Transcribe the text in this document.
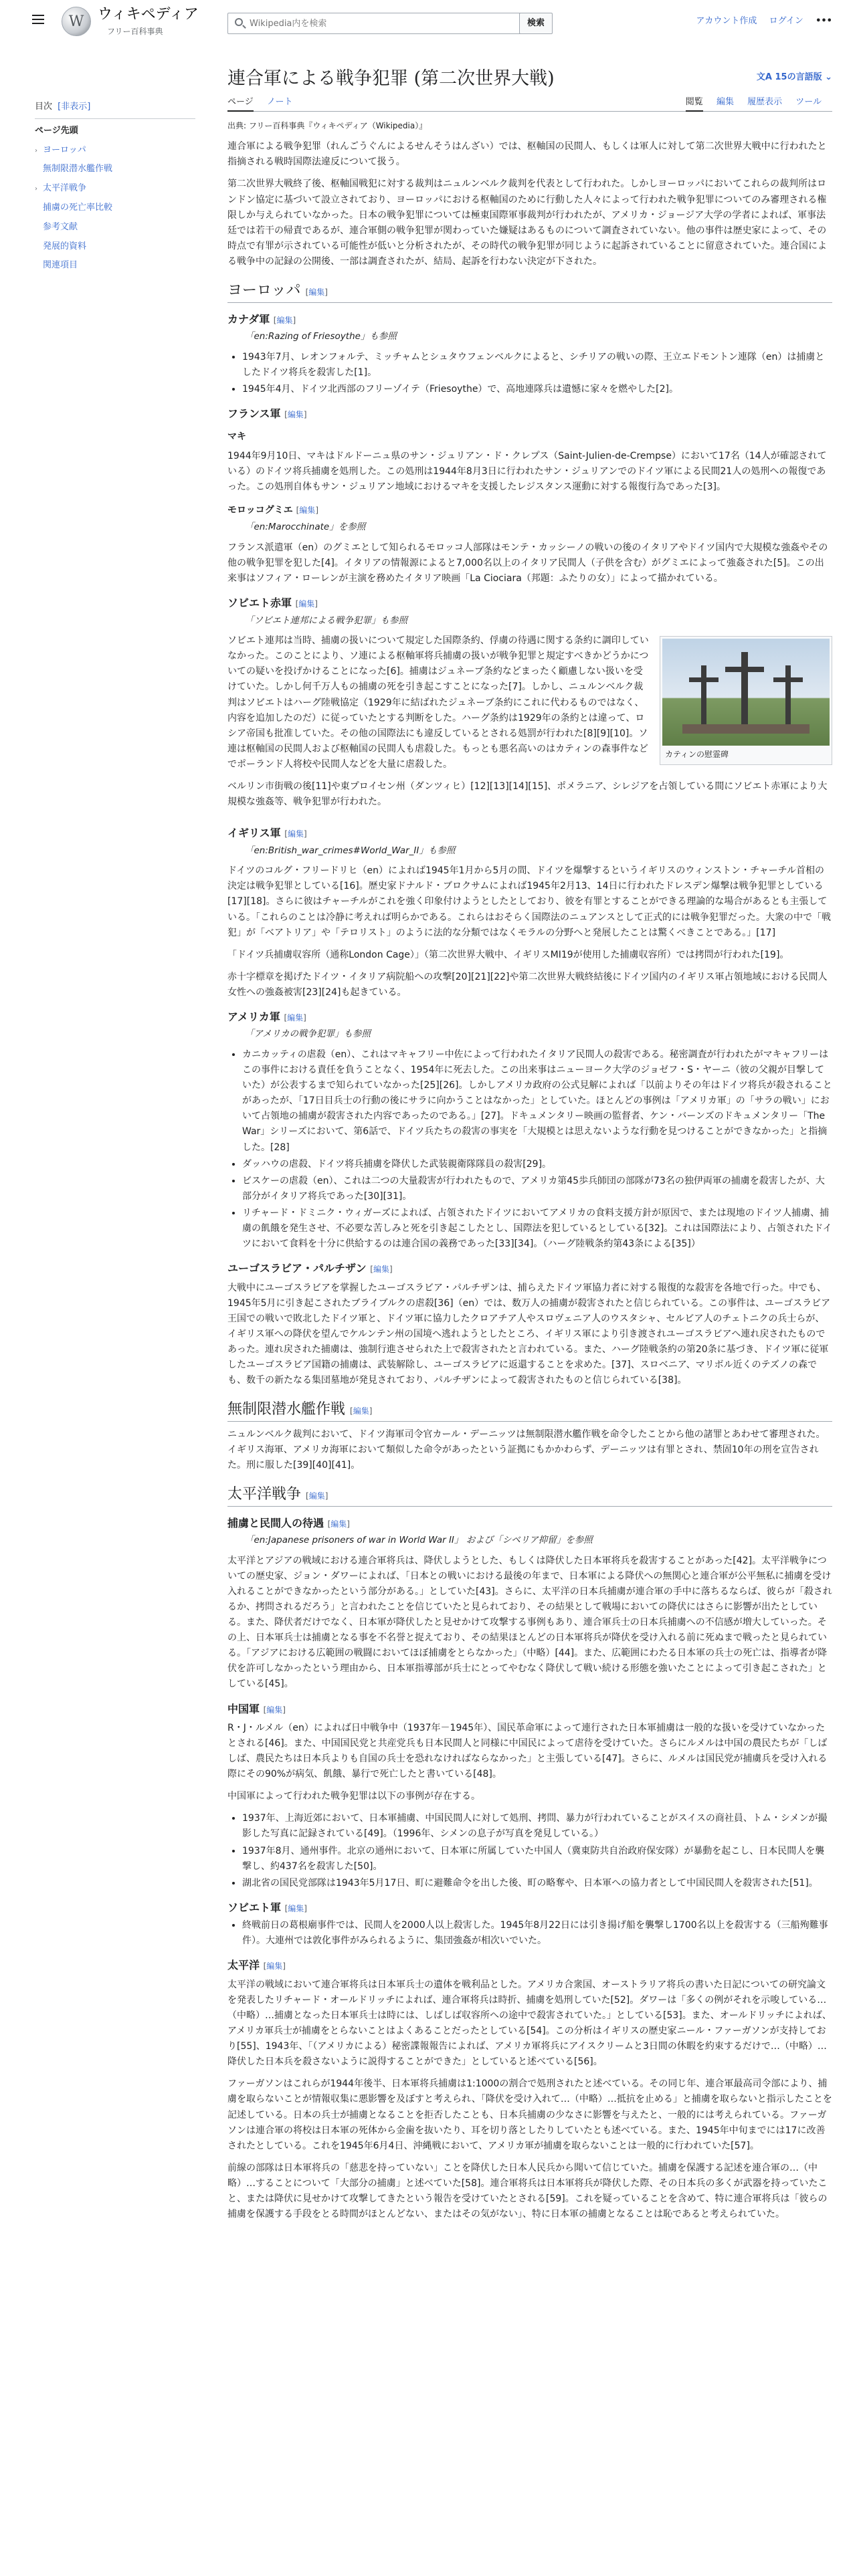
W ウィキペディア
フリー百科事典
Wikipedia内を検索
検索	アカウント作成 ログイン •••
目次 [非表示]
ページ先頭
› ヨーロッパ
無制限潜水艦作戦
› 太平洋戦争
捕虜の死亡率比較
参考文献
発展的資料
関連項目
連合軍による戦争犯罪 (第二次世界大戦)	文A 15の言語版 ⌄
ページ ノート	閲覧 編集 履歴表示 ツール
出典: フリー百科事典『ウィキペディア（Wikipedia）』

連合軍による戦争犯罪（れんごうぐんによるせんそうはんざい）では、枢軸国の民間人、もしくは軍人に対して第二次世界大戦中に行われたと指摘される戦時国際法違反について扱う。

第二次世界大戦終了後、枢軸国戦犯に対する裁判はニュルンベルク裁判を代表として行われた。しかしヨーロッパにおいてこれらの裁判所はロンドン協定に基づいて設立されており、ヨーロッパにおける枢軸国のために行動した人々によって行われた戦争犯罪についてのみ審理される権限しか与えられていなかった。日本の戦争犯罪については極東国際軍事裁判が行われたが、アメリカ・ジョージア大学の学者によれば、軍事法廷では若干の帰責であるが、連合軍側の戦争犯罪が関わっていた嫌疑はあるものについて調査されていない。他の事件は歴史家によって、その時点で有罪が示されている可能性が低いと分析されたが、その時代の戦争犯罪が同じように起訴されていることに留意されていた。連合国による戦争中の記録の公開後、一部は調査されたが、結局、起訴を行わない決定が下された。

ヨーロッパ [編集]
カナダ軍 [編集]
「en:Razing of Friesoythe」も参照
• 1943年7月、レオンフォルテ、ミッチャムとシュタウフェンベルクによると、シチリアの戦いの際、王立エドモントン連隊（en）は捕虜としたドイツ将兵を殺害した[1]。
• 1945年4月、ドイツ北西部のフリーゾイテ（Friesoythe）で、高地連隊兵は遺憾に家々を燃やした[2]。
フランス軍 [編集]
マキ

1944年9月10日、マキはドルドーニュ県のサン・ジュリアン・ド・クレプス（Saint-Julien-de-Crempse）において17名（14人が確認されている）のドイツ将兵捕虜を処刑した。この処刑は1944年8月3日に行われたサン・ジュリアンでのドイツ軍による民間21人の処刑への報復であった。この処刑自体もサン・ジュリアン地域におけるマキを支援したレジスタンス運動に対する報復行為であった[3]。

モロッコグミエ [編集]
「en:Marocchinate」を参照

フランス派遣軍（en）のグミエとして知られるモロッコ人部隊はモンテ・カッシーノの戦いの後のイタリアやドイツ国内で大規模な強姦やその他の戦争犯罪を犯した[4]。イタリアの情報源によると7,000名以上のイタリア民間人（子供を含む）がグミエによって強姦された[5]。この出来事はソフィア・ローレンが主演を務めたイタリア映画「La Ciociara（邦題：ふたりの女）」によって描かれている。

ソビエト赤軍 [編集]
「ソビエト連邦による戦争犯罪」も参照
カティンの慰霊碑

ソビエト連邦は当時、捕虜の扱いについて規定した国際条約、俘虜の待遇に関する条約に調印していなかった。このことにより、ソ連による枢軸軍将兵捕虜の扱いが戦争犯罪と規定すべきかどうかについての疑いを投げかけることになった[6]。捕虜はジュネーブ条約などまったく顧慮しない扱いを受けていた。しかし何千万人もの捕虜の死を引き起こすことになった[7]。しかし、ニュルンベルク裁判はソビエトはハーグ陸戦協定（1929年に結ばれたジュネーブ条約にこれに代わるものではなく、内容を追加したのだ）に従っていたとする判断をした。ハーグ条約は1929年の条約とは違って、ロシア帝国も批准していた。その他の国際法にも違反しているとされる処罰が行われた[8][9][10]。ソ連は枢軸国の民間人および枢軸国の民間人も虐殺した。もっとも悪名高いのはカティンの森事件などでポーランド人将校や民間人などを大量に虐殺した。

ベルリン市街戦の後[11]や東プロイセン州（ダンツィヒ）[12][13][14][15]、ポメラニア、シレジアを占領している間にソビエト赤軍により大規模な強姦等、戦争犯罪が行われた。

イギリス軍 [編集]
「en:British_war_crimes#World_War_II」も参照

ドイツのコルグ・フリードリヒ（en）によれば1945年1月から5月の間、ドイツを爆撃するというイギリスのウィンストン・チャーチル首相の決定は戦争犯罪としている[16]。歴史家ドナルド・ブロクサムによれば1945年2月13、14日に行われたドレスデン爆撃は戦争犯罪としている[17][18]。さらに彼はチャーチルがこれを強く印象付けようとしたとしており、彼を有罪とすることができる理論的な場合があるとも主張している。「これらのことは冷静に考えれば明らかである。これらはおそらく国際法のニュアンスとして正式的には戦争犯罪だった。大衆の中で「戦犯」が「ベアトリア」や「テロリスト」のように法的な分類ではなくモラルの分野へと発展したことは驚くべきことである。」[17]

「ドイツ兵捕虜収容所（通称London Cage）」（第二次世界大戦中、イギリスMI19が使用した捕虜収容所）では拷問が行われた[19]。

赤十字標章を掲げたドイツ・イタリア病院船への攻撃[20][21][22]や第二次世界大戦終結後にドイツ国内のイギリス軍占領地域における民間人女性への強姦被害[23][24]も起きている。

アメリカ軍 [編集]
「アメリカの戦争犯罪」も参照
• カニカッティの虐殺（en）、これはマキャフリー中佐によって行われたイタリア民間人の殺害である。秘密調査が行われたがマキャフリーはこの事件における責任を負うことなく、1954年に死去した。この出来事はニューヨーク大学のジョゼフ・S・ヤーニ（彼の父親が目撃していた）が公表するまで知られていなかった[25][26]。しかしアメリカ政府の公式見解によれば「以前よりその年はドイツ将兵が殺されることがあったが、「17日目兵士の行動の後にサラに向かうことはなかった」としていた。ほとんどの事例は「アメリカ軍」の「サラの戦い」において占領地の捕虜が殺害された内容であったのである。」[27]。ドキュメンタリー映画の監督者、ケン・バーンズのドキュメンタリー「The War」シリーズにおいて、第6話で、ドイツ兵たちの殺害の事実を「大規模とは思えないような行動を見つけることができなかった」と指摘した。[28]
• ダッハウの虐殺、ドイツ将兵捕虜を降伏した武装親衛隊隊員の殺害[29]。
• ビスケーの虐殺（en）、これは二つの大量殺害が行われたもので、アメリカ第45歩兵師団の部隊が73名の独伊両軍の捕虜を殺害したが、大部分がイタリア将兵であった[30][31]。
• リチャード・ドミニク・ウィガーズによれば、占領されたドイツにおいてアメリカの食料支援方針が原因で、または現地のドイツ人捕虜、捕虜の飢餓を発生させ、不必要な苦しみと死を引き起こしたとし、国際法を犯しているとしている[32]。これは国際法により、占領されたドイツにおいて食料を十分に供給するのは連合国の義務であった[33][34]。（ハーグ陸戦条約第43条による[35]）
ユーゴスラビア・パルチザン [編集]

大戦中にユーゴスラビアを掌握したユーゴスラビア・パルチザンは、捕らえたドイツ軍協力者に対する報復的な殺害を各地で行った。中でも、1945年5月に引き起こされたブライブルクの虐殺[36]（en）では、数万人の捕虜が殺害されたと信じられている。この事件は、ユーゴスラビア王国での戦いで敗北したドイツ軍と、ドイツ軍に協力したクロアチア人やスロヴェニア人のウスタシャ、セルビア人のチェトニクの兵士らが、イギリス軍への降伏を望んでケルンテン州の国境へ逃れようとしたところ、イギリス軍により引き渡されユーゴスラビアへ連れ戻されたものであった。連れ戻された捕虜は、強制行進させられた上で殺害されたと言われている。また、ハーグ陸戦条約の第20条に基づき、ドイツ軍に従軍したユーゴスラビア国籍の捕虜は、武装解除し、ユーゴスラビアに返還することを求めた。[37]、スロベニア、マリボル近くのテズノの森でも、数千の新たなる集団墓地が発見されており、パルチザンによって殺害されたものと信じられている[38]。

無制限潜水艦作戦 [編集]

ニュルンベルク裁判において、ドイツ海軍司令官カール・デーニッツは無制限潜水艦作戦を命令したことから他の諸罪とあわせて審理された。イギリス海軍、アメリカ海軍において類似した命令があったという証拠にもかかわらず、デーニッツは有罪とされ、禁固10年の刑を宣告された。刑に服した[39][40][41]。

太平洋戦争 [編集]
捕虜と民間人の待遇 [編集]
「en:Japanese prisoners of war in World War II」 および「シベリア抑留」を参照

太平洋とアジアの戦域における連合軍将兵は、降伏しようとした、もしくは降伏した日本軍将兵を殺害することがあった[42]。太平洋戦争についての歴史家、ジョン・ダワーによれば、「日本との戦いにおける最後の年まで、日本軍による降伏への無関心と連合軍が公平無私に捕虜を受け入れることができなかったという部分がある。」としていた[43]。さらに、太平洋の日本兵捕虜が連合軍の手中に落ちるならば、彼らが「殺されるか、拷問されるだろう」と言われたことを信じていたと見られており、その結果として戦場においての降伏にはさらに影響が出たとしている。また、降伏者だけでなく、日本軍が降伏したと見せかけて攻撃する事例もあり、連合軍兵士の日本兵捕虜への不信感が増大していった。その上、日本軍兵士は捕虜となる事を不名誉と捉えており、その結果ほとんどの日本軍将兵が降伏を受け入れる前に死ぬまで戦ったと見られている。「アジアにおける広範囲の戦闘においてほぼ捕虜をとらなかった」（中略）[44]。また、広範囲にわたる日本軍の兵士の死亡は、指導者が降伏を許可しなかったという理由から、日本軍指導部が兵士にとってやむなく降伏して戦い続ける形態を強いたことによって引き起こされた」としている[45]。

中国軍 [編集]

R・J・ルメル（en）によれば日中戦争中（1937年－1945年）、国民革命軍によって連行された日本軍捕虜は一般的な扱いを受けていなかったとされる[46]。また、中国国民党と共産党兵も日本民間人と同様に中国民によって虐待を受けていた。さらにルメルは中国の農民たちが「しばしば、農民たちは日本兵よりも自国の兵士を恐れなければならなかった」と主張している[47]。さらに、ルメルは国民党が捕虜兵を受け入れる際にその90%が病気、飢餓、暴行で死亡したと書いている[48]。

中国軍によって行われた戦争犯罪は以下の事例が存在する。

• 1937年、上海近郊において、日本軍捕虜、中国民間人に対して処刑、拷問、暴力が行われていることがスイスの商社員、トム・シメンが撮影した写真に記録されている[49]。（1996年、シメンの息子が写真を発見している。）
• 1937年8月、通州事件。北京の通州において、日本軍に所属していた中国人（冀東防共自治政府保安隊）が暴動を起こし、日本民間人を襲撃し、約437名を殺害した[50]。
• 湖北省の国民党部隊は1943年5月17日、町に避難命令を出した後、町の略奪や、日本軍への協力者として中国民間人を殺害された[51]。
ソビエト軍 [編集]
• 終戦前日の葛根廟事件では、民間人を2000人以上殺害した。1945年8月22日には引き揚げ船を襲撃し1700名以上を殺害する（三船殉難事件）。大連州では敦化事件がみられるように、集団強姦が相次いでいた。
太平洋 [編集]

太平洋の戦域において連合軍将兵は日本軍兵士の遺体を戦利品とした。アメリカ合衆国、オーストラリア将兵の書いた日記についての研究論文を発表したリチャード・オールドリッチによれば、連合軍将兵は時折、捕虜を処刑していた[52]。ダワーは「多くの例がそれを示唆している…（中略）…捕虜となった日本軍兵士は時には、しばしば収容所への途中で殺害されていた。」としている[53]。また、オールドリッチによれば、アメリカ軍兵士が捕虜をとらないことはよくあることだったとしている[54]。この分析はイギリスの歴史家ニール・ファーガソンが支持しており[55]、1943年、「（アメリカによる）秘密諜報報告によれば、アメリカ軍将兵にアイスクリームと3日間の休暇を約束するだけで…（中略）…降伏した日本兵を殺さないように説得することができた」としていると述べている[56]。

ファーガソンはこれらが1944年後半、日本軍将兵捕虜は1:1000の割合で処刑されたと述べている。その同じ年、連合軍最高司令部により、捕虜を取らないことが情報収集に悪影響を及ぼすと考えられ、「降伏を受け入れて…（中略）…抵抗を止める」と捕虜を取らないと指示したことを記述している。日本の兵士が捕虜となることを拒否したことも、日本兵捕虜の少なさに影響を与えたと、一般的には考えられている。ファーガソンは連合軍の将校は日本軍の死体から金歯を抜いたり、耳を切り落としたりしていたとも述べている。また、1945年中旬までには17に改善されたとしている。これを1945年6月4日、沖縄戦において、アメリカ軍が捕虜を取らないことは一般的に行われていた[57]。

前線の部隊は日本軍将兵の「慈悲を持っていない」ことを降伏した日本人民兵から聞いて信じていた。捕虜を保護する記述を連合軍の…（中略）…することについて「大部分の捕虜」と述べていた[58]。連合軍将兵は日本軍将兵が降伏した際、その日本兵の多くが武器を持っていたこと、または降伏に見せかけて攻撃してきたという報告を受けていたとされる[59]。これを疑っていることを含めて、特に連合軍将兵は「彼らの捕虜を保護する手段をとる時間がほとんどない、またはその気がない」、特に日本軍の捕虜となることは恥であると考えられていた。
